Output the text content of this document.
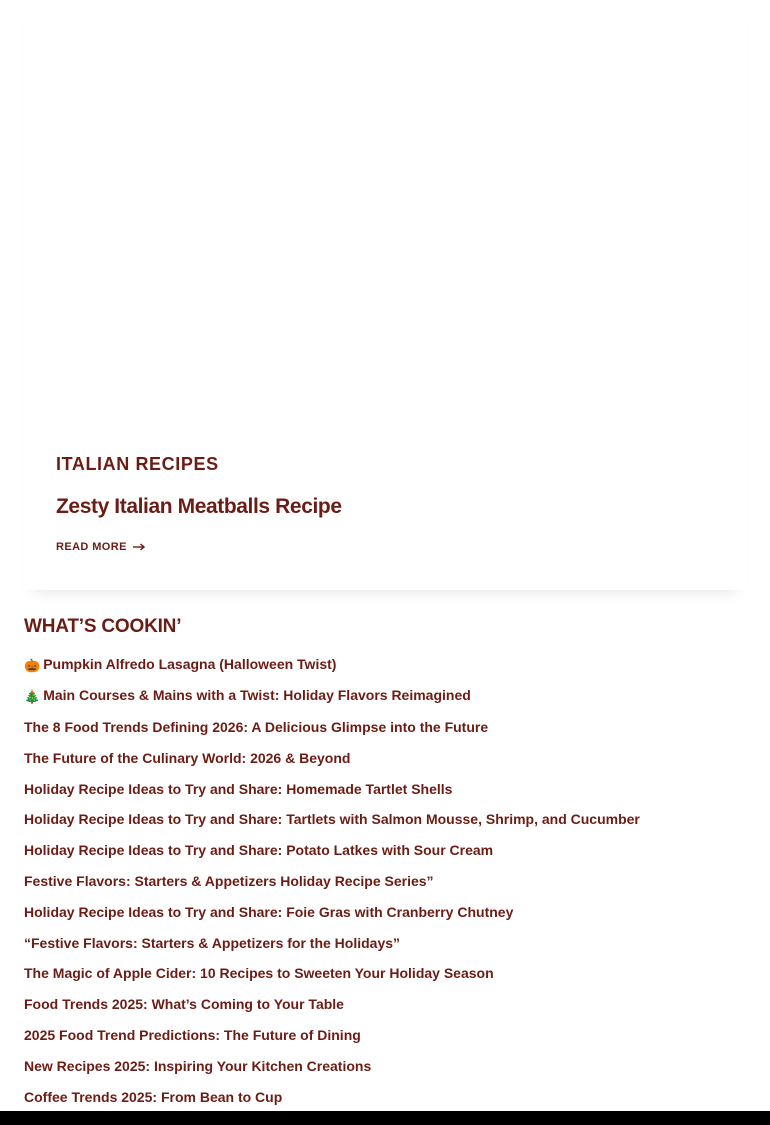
ITALIAN RECIPES
Zesty Italian Meatballs Recipe
READ MORE
WHAT’S COOKIN’
🎃 Pumpkin Alfredo Lasagna (Halloween Twist)
🎄 Main Courses & Mains with a Twist: Holiday Flavors Reimagined
The 8 Food Trends Defining 2026: A Delicious Glimpse into the Future
The Future of the Culinary World: 2026 & Beyond
Holiday Recipe Ideas to Try and Share: Homemade Tartlet Shells
Holiday Recipe Ideas to Try and Share: Tartlets with Salmon Mousse, Shrimp, and Cucumber
Holiday Recipe Ideas to Try and Share: Potato Latkes with Sour Cream
Festive Flavors: Starters & Appetizers Holiday Recipe Series”
Holiday Recipe Ideas to Try and Share: Foie Gras with Cranberry Chutney
“Festive Flavors: Starters & Appetizers for the Holidays”
The Magic of Apple Cider: 10 Recipes to Sweeten Your Holiday Season
Food Trends 2025: What’s Coming to Your Table
2025 Food Trend Predictions: The Future of Dining
New Recipes 2025: Inspiring Your Kitchen Creations
Coffee Trends 2025: From Bean to Cup
